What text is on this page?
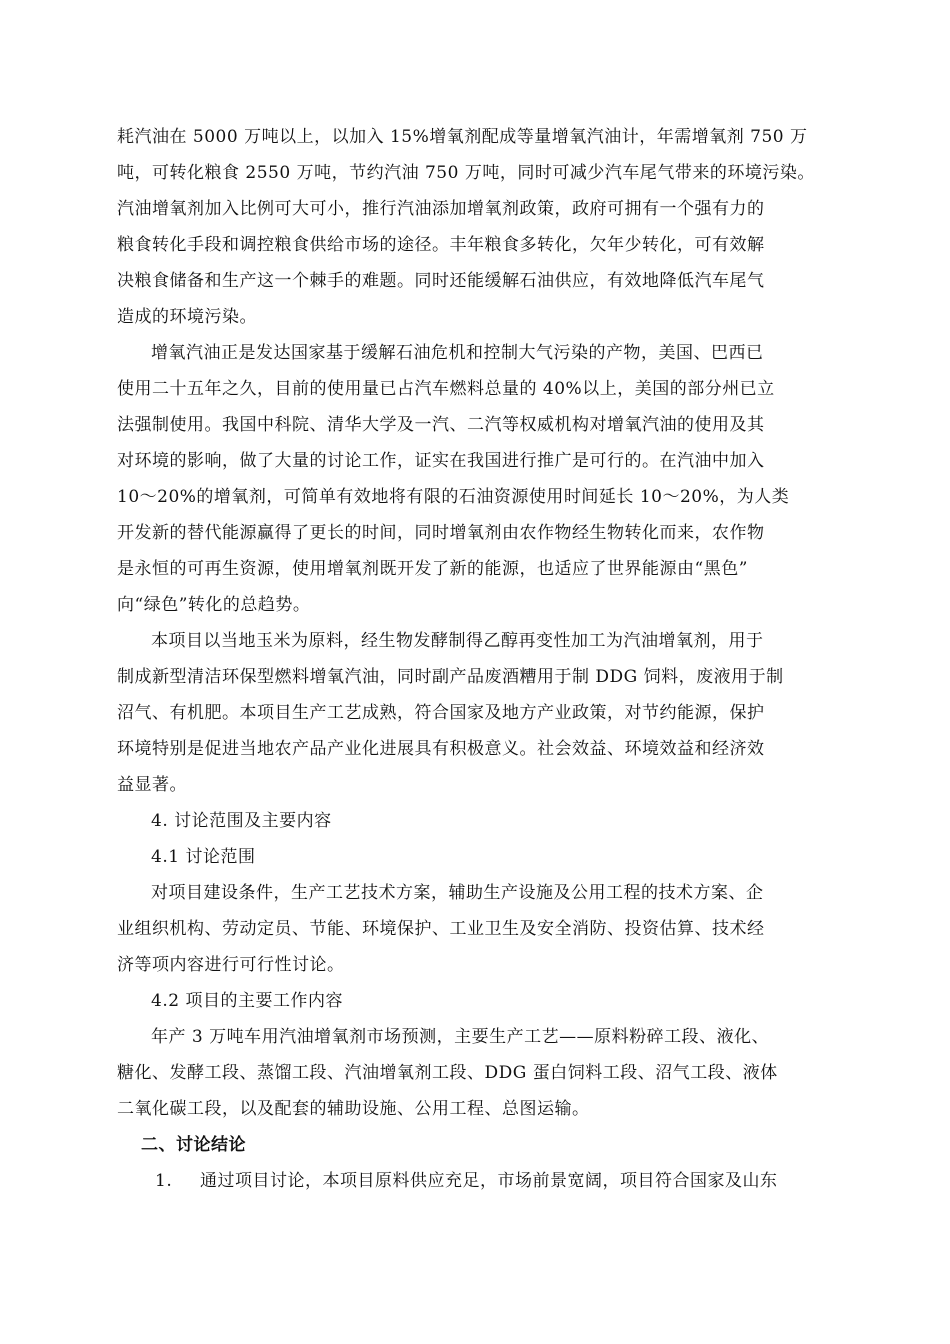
耗汽油在 5000 万吨以上，以加入 15%增氧剂配成等量增氧汽油计，年需增氧剂 750 万
吨，可转化粮食 2550 万吨，节约汽油 750 万吨，同时可减少汽车尾气带来的环境污染。
汽油增氧剂加入比例可大可小，推行汽油添加增氧剂政策，政府可拥有一个强有力的
粮食转化手段和调控粮食供给市场的途径。丰年粮食多转化，欠年少转化，可有效解
决粮食储备和生产这一个棘手的难题。同时还能缓解石油供应，有效地降低汽车尾气
造成的环境污染。
增氧汽油正是发达国家基于缓解石油危机和控制大气污染的产物，美国、巴西已
使用二十五年之久，目前的使用量已占汽车燃料总量的 40%以上，美国的部分州已立
法强制使用。我国中科院、清华大学及一汽、二汽等权威机构对增氧汽油的使用及其
对环境的影响，做了大量的讨论工作，证实在我国进行推广是可行的。在汽油中加入
10～20%的增氧剂，可简单有效地将有限的石油资源使用时间延长 10～20%，为人类
开发新的替代能源赢得了更长的时间，同时增氧剂由农作物经生物转化而来，农作物
是永恒的可再生资源，使用增氧剂既开发了新的能源，也适应了世界能源由“黑色”
向“绿色”转化的总趋势。
本项目以当地玉米为原料，经生物发酵制得乙醇再变性加工为汽油增氧剂，用于
制成新型清洁环保型燃料增氧汽油，同时副产品废酒糟用于制 DDG 饲料，废液用于制
沼气、有机肥。本项目生产工艺成熟，符合国家及地方产业政策，对节约能源，保护
环境特别是促进当地农产品产业化进展具有积极意义。社会效益、环境效益和经济效
益显著。
4. 讨论范围及主要内容
4.1 讨论范围
对项目建设条件，生产工艺技术方案，辅助生产设施及公用工程的技术方案、企
业组织机构、劳动定员、节能、环境保护、工业卫生及安全消防、投资估算、技术经
济等项内容进行可行性讨论。
4.2 项目的主要工作内容
年产 3 万吨车用汽油增氧剂市场预测，主要生产工艺——原料粉碎工段、液化、
糖化、发酵工段、蒸馏工段、汽油增氧剂工段、DDG 蛋白饲料工段、沼气工段、液体
二氧化碳工段，以及配套的辅助设施、公用工程、总图运输。
二、讨论结论
1. 通过项目讨论，本项目原料供应充足，市场前景宽阔，项目符合国家及山东
